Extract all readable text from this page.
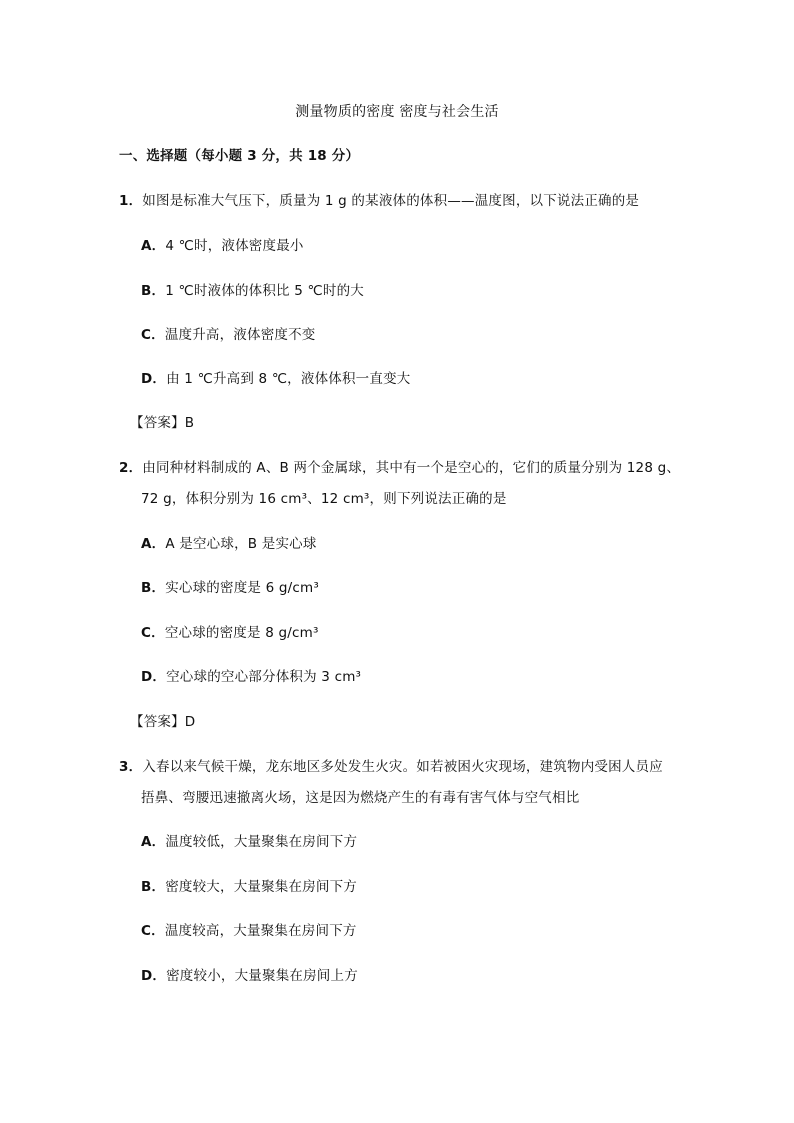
测量物质的密度 密度与社会生活
一、选择题（每小题 3 分，共 18 分）
1．如图是标准大气压下，质量为 1 g 的某液体的体积——温度图，以下说法正确的是
A．4 ℃时，液体密度最小
B．1 ℃时液体的体积比 5 ℃时的大
C．温度升高，液体密度不变
D．由 1 ℃升高到 8 ℃，液体体积一直变大
【答案】B
2．由同种材料制成的 A、B 两个金属球，其中有一个是空心的，它们的质量分别为 128 g、
72 g，体积分别为 16 cm³、12 cm³，则下列说法正确的是
A．A 是空心球，B 是实心球
B．实心球的密度是 6 g/cm³
C．空心球的密度是 8 g/cm³
D．空心球的空心部分体积为 3 cm³
【答案】D
3．入春以来气候干燥，龙东地区多处发生火灾。如若被困火灾现场，建筑物内受困人员应
捂鼻、弯腰迅速撤离火场，这是因为燃烧产生的有毒有害气体与空气相比
A．温度较低，大量聚集在房间下方
B．密度较大，大量聚集在房间下方
C．温度较高，大量聚集在房间下方
D．密度较小，大量聚集在房间上方
